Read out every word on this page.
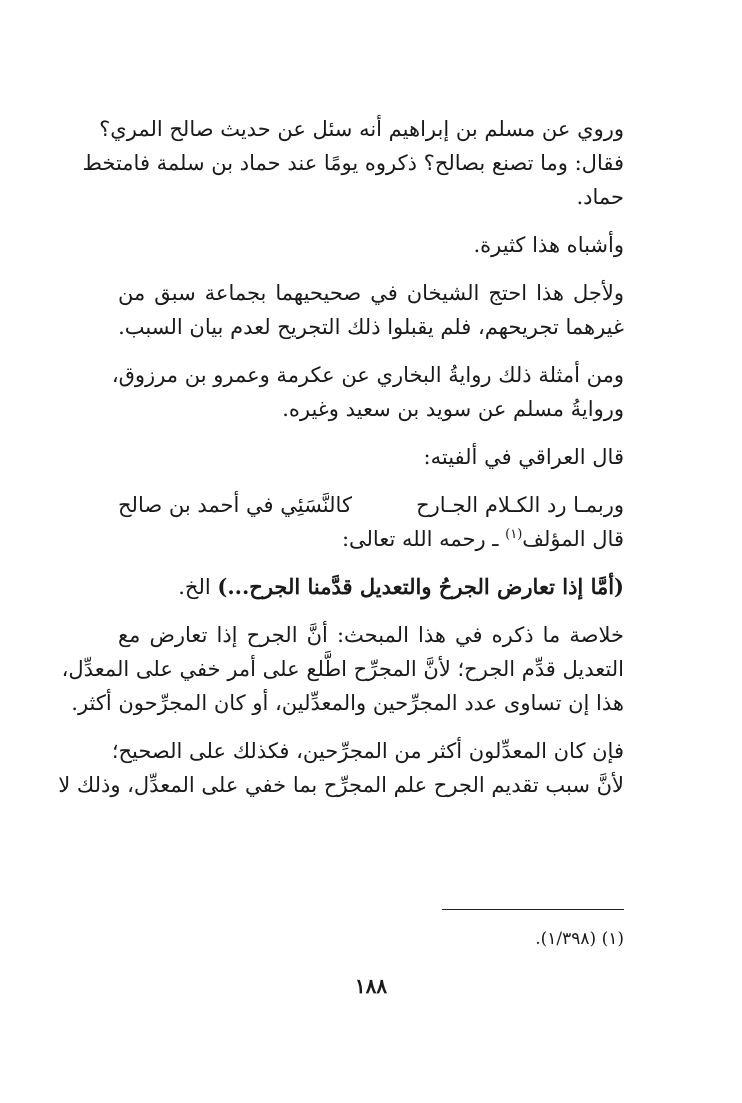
وروي عن مسلم بن إبراهيم أنه سئل عن حديث صالح المري؟
فقال: وما تصنع بصالح؟ ذكروه يومًا عند حماد بن سلمة فامتخط
حماد.
وأشباه هذا كثيرة.
ولأجل هذا احتج الشيخان في صحيحيهما بجماعة سبق من
غيرهما تجريحهم، فلم يقبلوا ذلك التجريح لعدم بيان السبب.
ومن أمثلة ذلك روايةُ البخاري عن عكرمة وعمرو بن مرزوق،
وروايةُ مسلم عن سويد بن سعيد وغيره.
قال العراقي في ألفيته:
وربمـا رد الكـلام الجـارح
كالنَّسَئِي في أحمد بن صالح
قال المؤلف$^{(١)}$ ـ رحمه الله تعالى:
(أمَّا إذا تعارض الجرحُ والتعديل قدَّمنا الجرح...) الخ.
خلاصة ما ذكره في هذا المبحث: أنَّ الجرح إذا تعارض مع
التعديل قدِّم الجرح؛ لأنَّ المجرِّح اطَّلع على أمر خفي على المعدِّل،
هذا إن تساوى عدد المجرِّحين والمعدِّلين، أو كان المجرِّحون أكثر.
فإن كان المعدِّلون أكثر من المجرِّحين، فكذلك على الصحيح؛
لأنَّ سبب تقديم الجرح علم المجرِّح بما خفي على المعدِّل، وذلك لا
(١) (١/٣٩٨).
١٨٨
